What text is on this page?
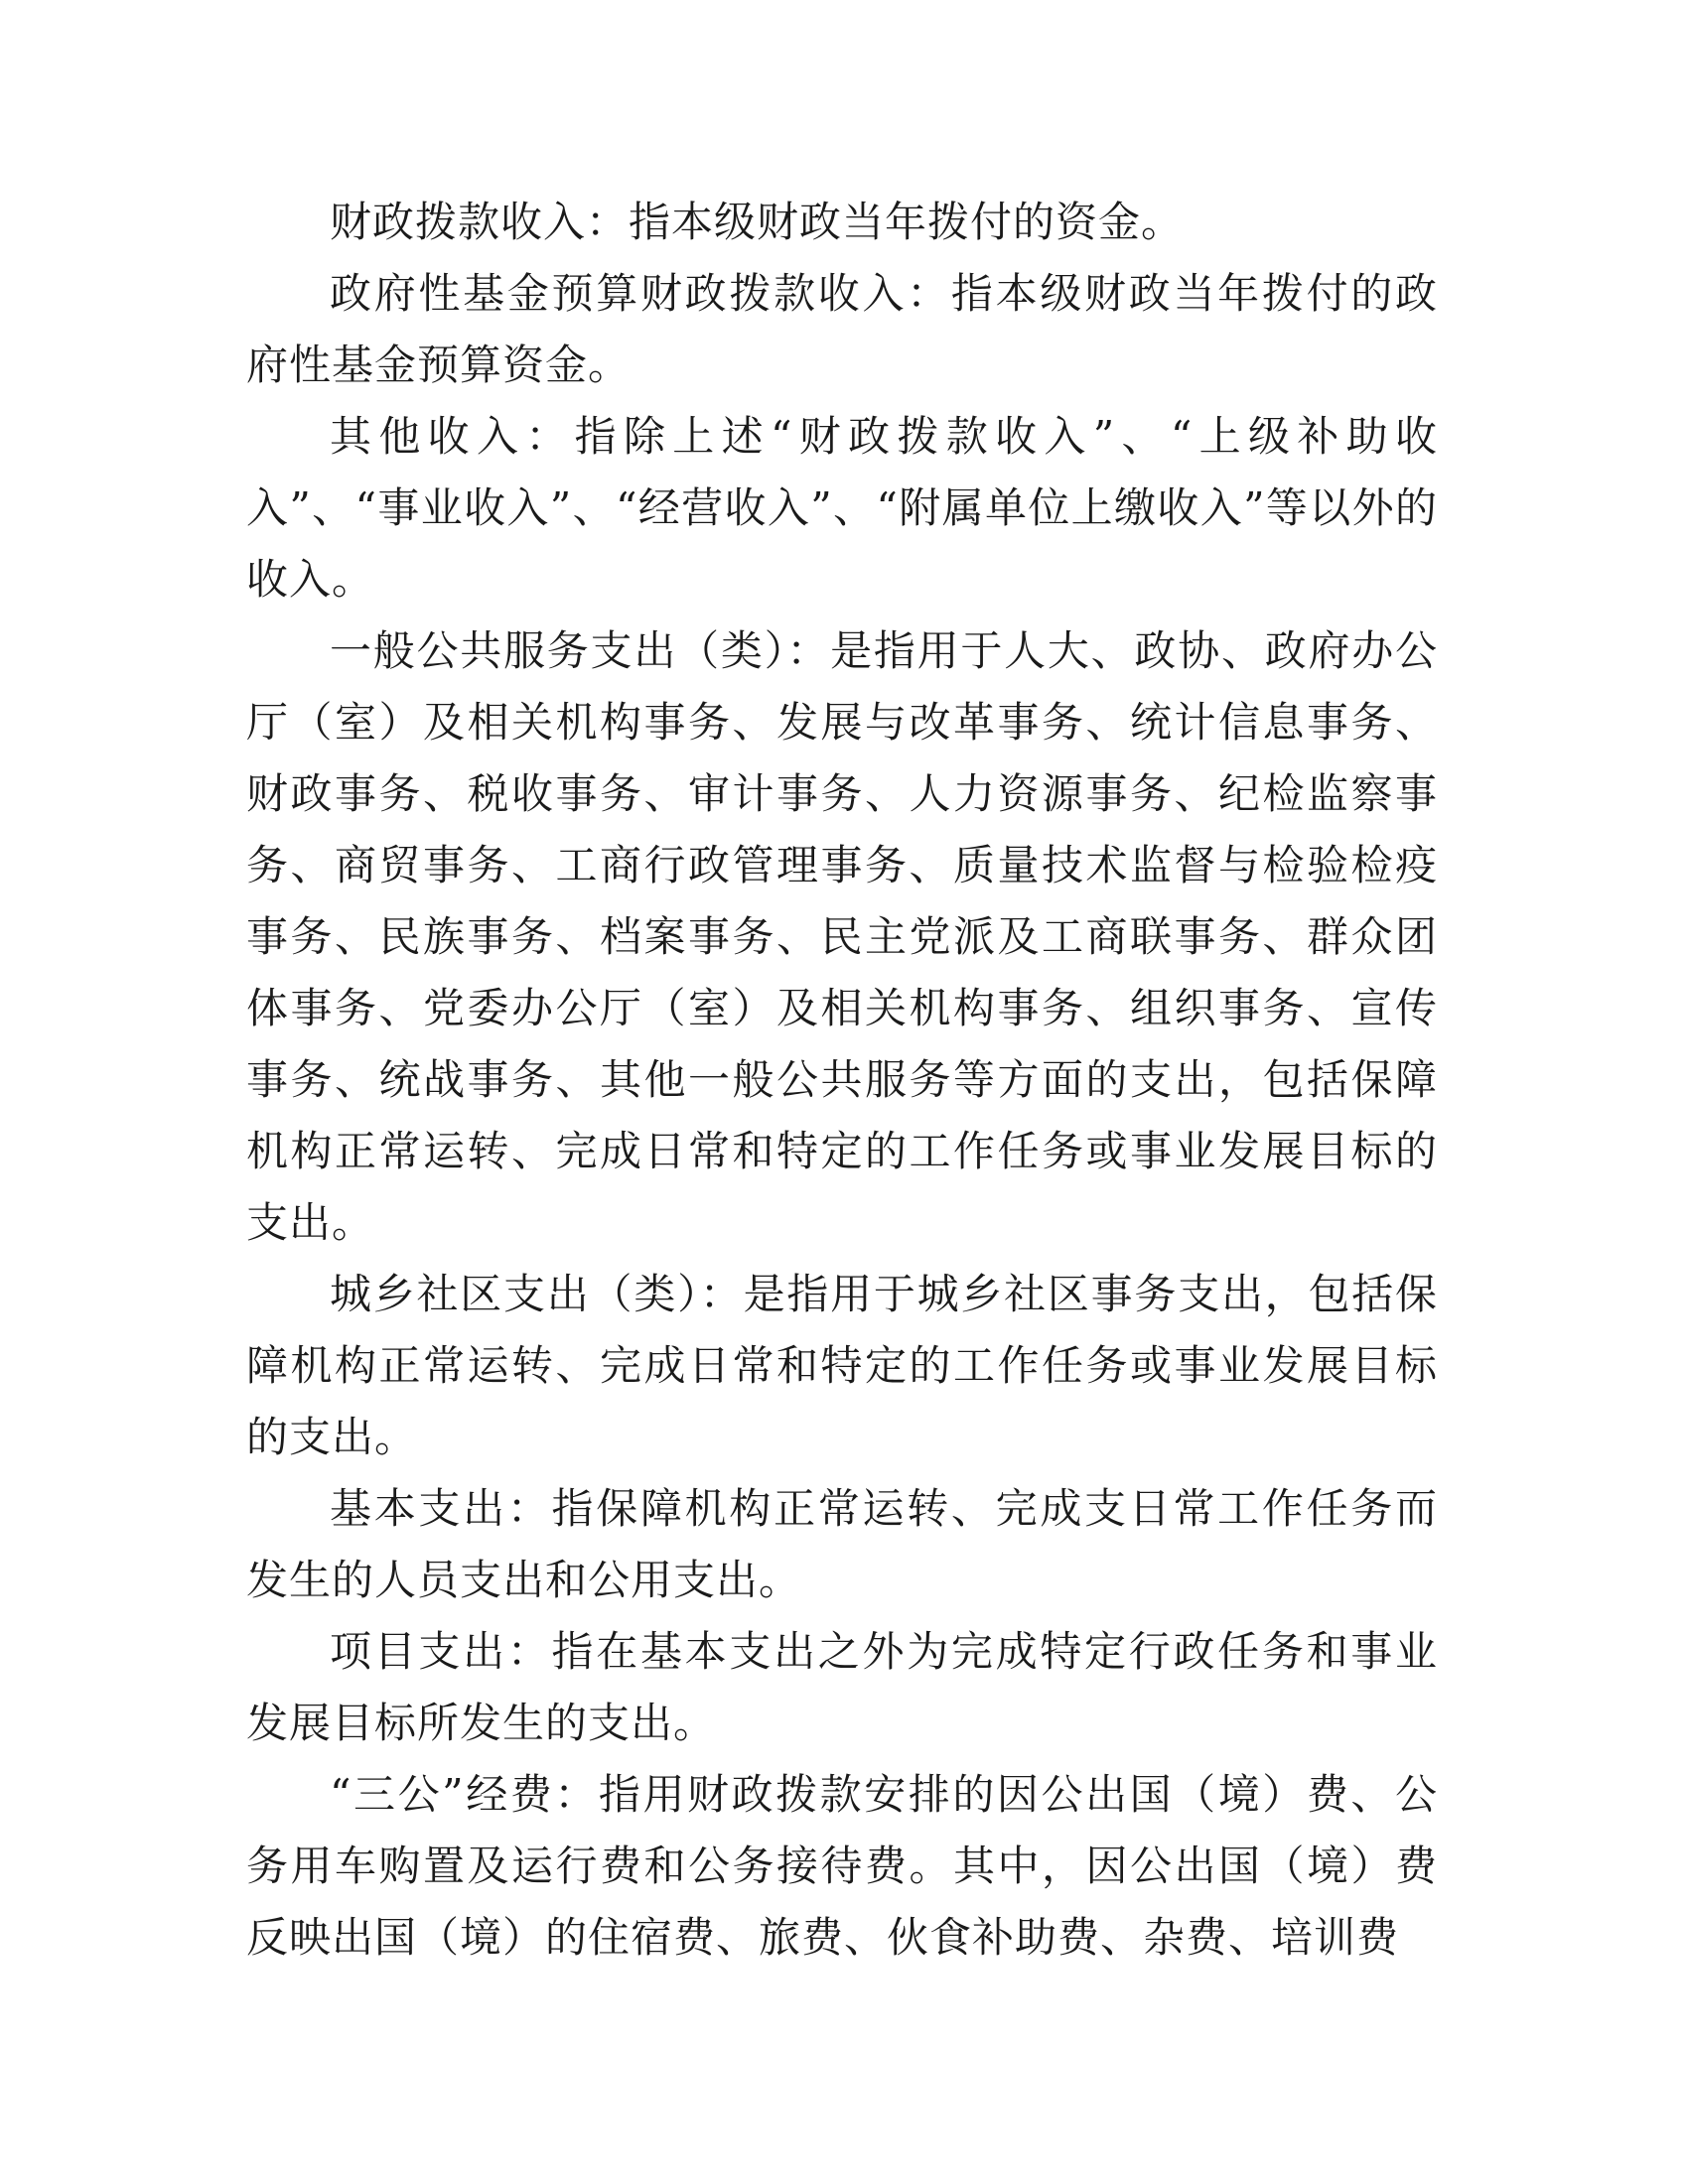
财政拨款收入：指本级财政当年拨付的资金。

政府性基金预算财政拨款收入：指本级财政当年拨付的政府性基金预算资金。

其他收入：指除上述“财政拨款收入”、“上级补助收入”、“事业收入”、“经营收入”、“附属单位上缴收入”等以外的收入。

一般公共服务支出（类）：是指用于人大、政协、政府办公厅（室）及相关机构事务、发展与改革事务、统计信息事务、财政事务、税收事务、审计事务、人力资源事务、纪检监察事务、商贸事务、工商行政管理事务、质量技术监督与检验检疫事务、民族事务、档案事务、民主党派及工商联事务、群众团体事务、党委办公厅（室）及相关机构事务、组织事务、宣传事务、统战事务、其他一般公共服务等方面的支出，包括保障机构正常运转、完成日常和特定的工作任务或事业发展目标的支出。

城乡社区支出（类）：是指用于城乡社区事务支出，包括保障机构正常运转、完成日常和特定的工作任务或事业发展目标的支出。

基本支出：指保障机构正常运转、完成支日常工作任务而发生的人员支出和公用支出。

项目支出：指在基本支出之外为完成特定行政任务和事业发展目标所发生的支出。

“三公”经费：指用财政拨款安排的因公出国（境）费、公务用车购置及运行费和公务接待费。其中，因公出国（境）费反映出国（境）的住宿费、旅费、伙食补助费、杂费、培训费
